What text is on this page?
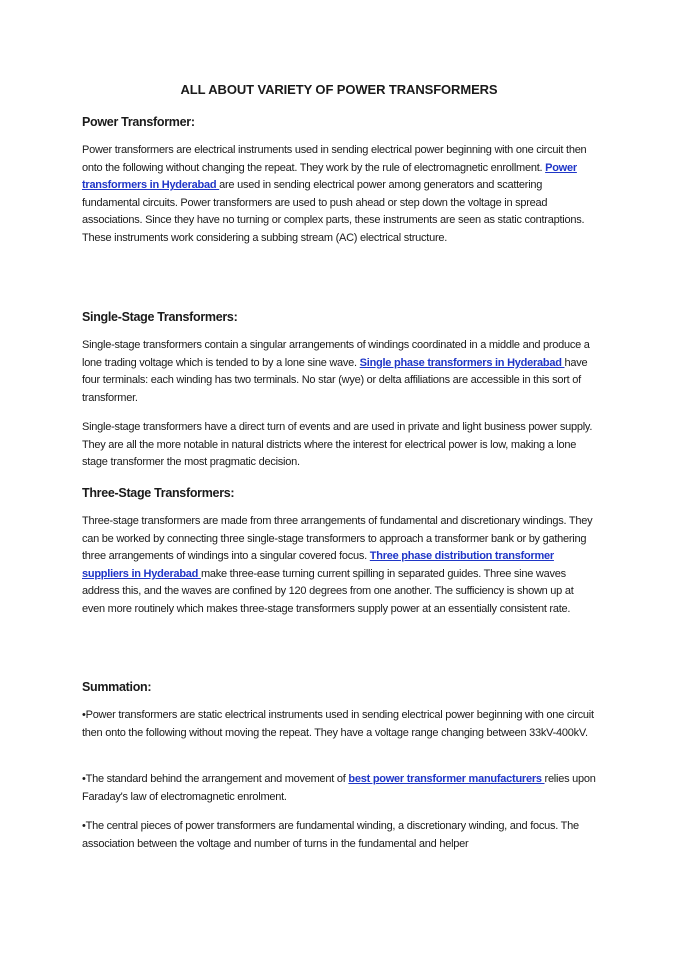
ALL ABOUT VARIETY OF POWER TRANSFORMERS
Power Transformer:

Power transformers are electrical instruments used in sending electrical power beginning with one circuit then onto the following without changing the repeat. They work by the rule of electromagnetic enrollment. Power transformers in Hyderabad are used in sending electrical power among generators and scattering fundamental circuits. Power transformers are used to push ahead or step down the voltage in spread associations. Since they have no turning or complex parts, these instruments are seen as static contraptions. These instruments work considering a subbing stream (AC) electrical structure.

Single-Stage Transformers:

Single-stage transformers contain a singular arrangements of windings coordinated in a middle and produce a lone trading voltage which is tended to by a lone sine wave. Single phase transformers in Hyderabad have four terminals: each winding has two terminals. No star (wye) or delta affiliations are accessible in this sort of transformer.

Single-stage transformers have a direct turn of events and are used in private and light business power supply. They are all the more notable in natural districts where the interest for electrical power is low, making a lone stage transformer the most pragmatic decision.

Three-Stage Transformers:

Three-stage transformers are made from three arrangements of fundamental and discretionary windings. They can be worked by connecting three single-stage transformers to approach a transformer bank or by gathering three arrangements of windings into a singular covered focus. Three phase distribution transformer suppliers in Hyderabad make three-ease turning current spilling in separated guides. Three sine waves address this, and the waves are confined by 120 degrees from one another. The sufficiency is shown up at even more routinely which makes three-stage transformers supply power at an essentially consistent rate.

Summation:

•Power transformers are static electrical instruments used in sending electrical power beginning with one circuit then onto the following without moving the repeat. They have a voltage range changing between 33kV-400kV.

•The standard behind the arrangement and movement of best power transformer manufacturers relies upon Faraday's law of electromagnetic enrolment.

•The central pieces of power transformers are fundamental winding, a discretionary winding, and focus. The association between the voltage and number of turns in the fundamental and helper
